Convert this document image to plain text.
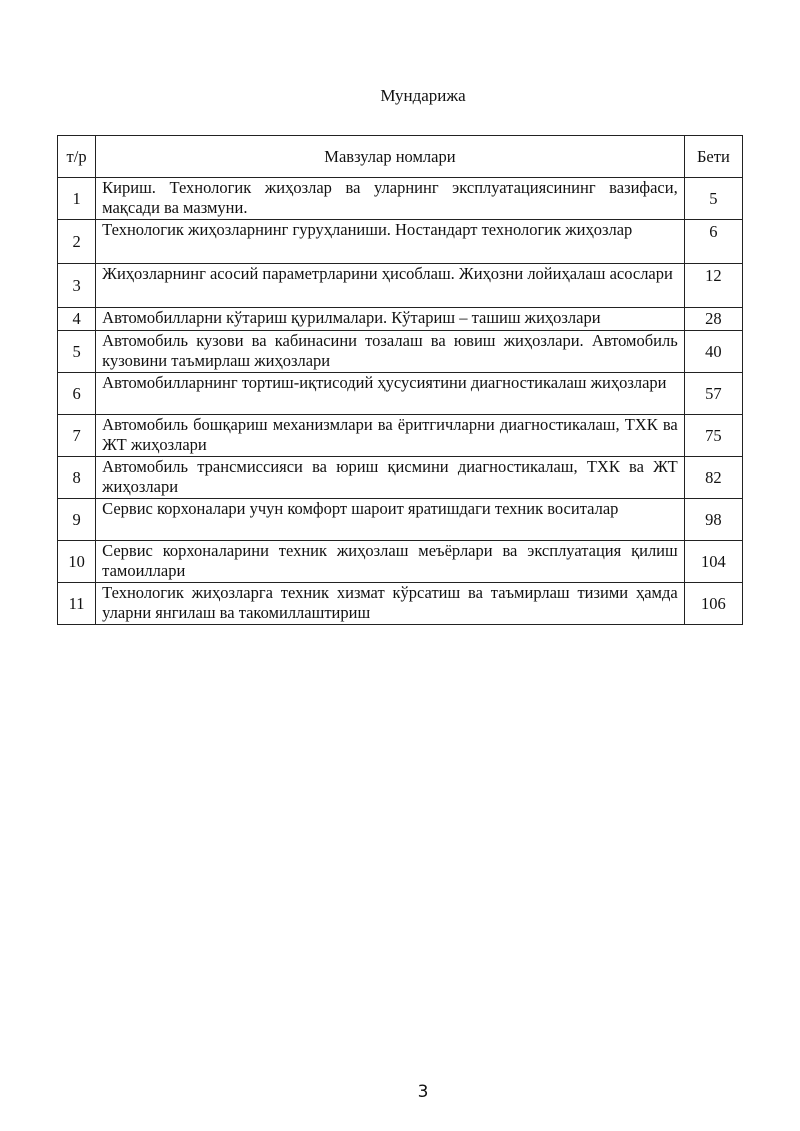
Мундарижа
т/р	Мавзулар номлари	Бети
1	Кириш. Технологик жиҳозлар ва уларнинг эксплуатациясининг вазифаси, мақсади ва мазмуни.	5
2	Технологик жиҳозларнинг гуруҳланиши. Ностандарт технологик жиҳозлар	6
3	Жиҳозларнинг асосий параметрларини ҳисоблаш. Жиҳозни лойиҳалаш асослари	12
4	Автомобилларни кўтариш қурилмалари. Кўтариш – ташиш жиҳозлари	28
5	Автомобиль кузови ва кабинасини тозалаш ва ювиш жиҳозлари. Автомобиль кузовини таъмирлаш жиҳозлари	40
6	Автомобилларнинг тортиш-иқтисодий ҳусусиятини диагностикалаш жиҳозлари	57
7	Автомобиль бошқариш механизмлари ва ёритгичларни диагностикалаш, ТХК ва ЖТ жиҳозлари	75
8	Автомобиль трансмиссияси ва юриш қисмини диагностикалаш, ТХК ва ЖТ жиҳозлари	82
9	Сервис корхоналари учун комфорт шароит яратишдаги техник воситалар	98
10	Сервис корхоналарини техник жиҳозлаш меъёрлари ва эксплуатация қилиш тамоиллари	104
11	Технологик жиҳозларга техник хизмат кўрсатиш ва таъмирлаш тизими ҳамда уларни янгилаш ва такомиллаштириш	106
3
